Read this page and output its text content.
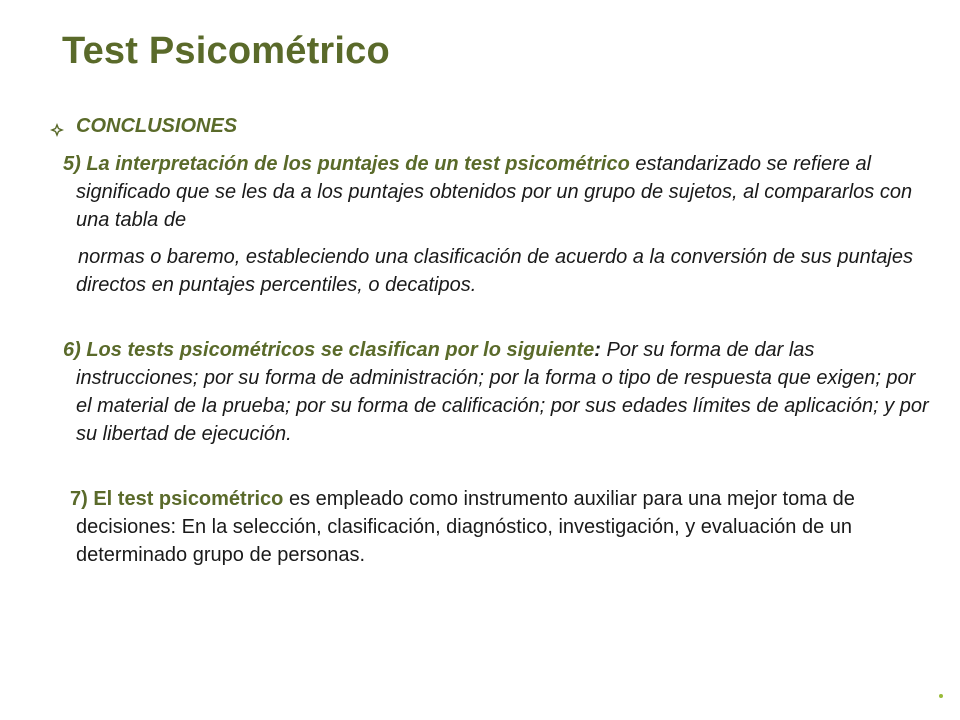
Test Psicométrico
CONCLUSIONES
5) La interpretación de los puntajes de un test psicométrico estandarizado se refiere al significado que se les da a los puntajes obtenidos por un grupo de sujetos, al compararlos con una tabla de
normas o baremo, estableciendo una clasificación de acuerdo a la conversión de sus puntajes directos en puntajes percentiles, o decatipos.
6) Los tests psicométricos se clasifican por lo siguiente: Por su forma de dar las instrucciones; por su forma de administración; por la forma o tipo de respuesta que exigen; por el material de la prueba; por su forma de calificación; por sus edades límites de aplicación; y por su libertad de ejecución.
7) El test psicométrico es empleado como instrumento auxiliar para una mejor toma de decisiones: En la selección, clasificación, diagnóstico, investigación, y evaluación de un determinado grupo de personas.
